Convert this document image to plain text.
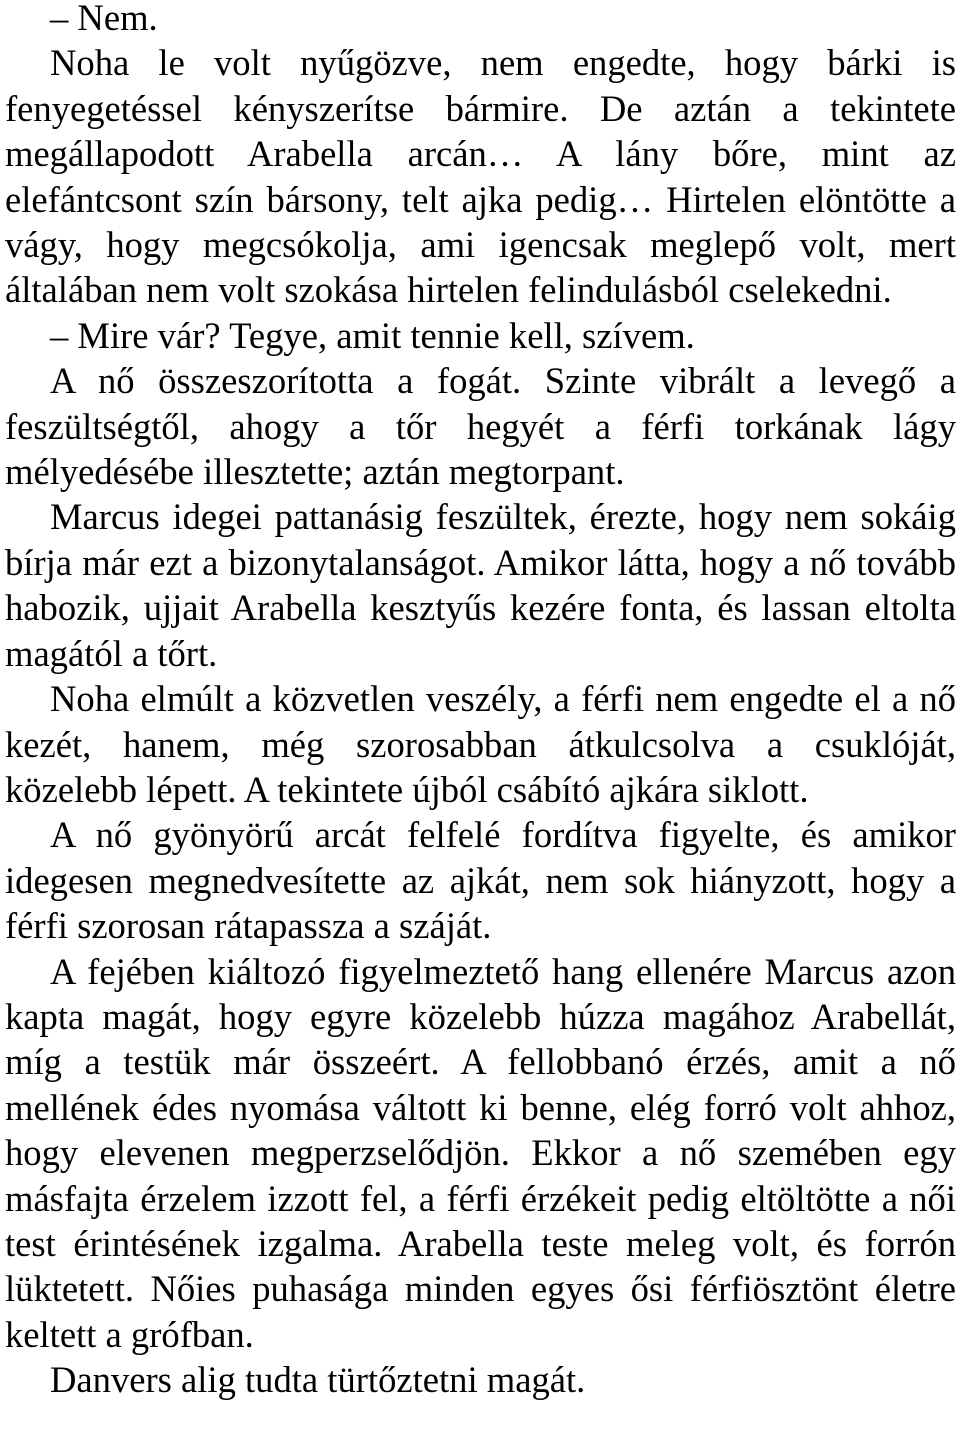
– Nem.

Noha le volt nyűgözve, nem engedte, hogy bárki is fenyegetéssel kényszerítse bármire. De aztán a tekintete megállapodott Arabella arcán… A lány bőre, mint az elefántcsont szín bársony, telt ajka pedig… Hirtelen elöntötte a vágy, hogy megcsókolja, ami igencsak meglepő volt, mert általában nem volt szokása hirtelen felindulásból cselekedni.

– Mire vár? Tegye, amit tennie kell, szívem.

A nő összeszorította a fogát. Szinte vibrált a levegő a feszültségtől, ahogy a tőr hegyét a férfi torkának lágy mélyedésébe illesztette; aztán megtorpant.

Marcus idegei pattanásig feszültek, érezte, hogy nem sokáig bírja már ezt a bizonytalanságot. Amikor látta, hogy a nő tovább habozik, ujjait Arabella kesztyűs kezére fonta, és lassan eltolta magától a tőrt.

Noha elmúlt a közvetlen veszély, a férfi nem engedte el a nő kezét, hanem, még szorosabban átkulcsolva a csuklóját, közelebb lépett. A tekintete újból csábító ajkára siklott.

A nő gyönyörű arcát felfelé fordítva figyelte, és amikor idegesen megnedvesítette az ajkát, nem sok hiányzott, hogy a férfi szorosan rátapassza a száját.

A fejében kiáltozó figyelmeztető hang ellenére Marcus azon kapta magát, hogy egyre közelebb húzza magához Arabellát, míg a testük már összeért. A fellobbanó érzés, amit a nő mellének édes nyomása váltott ki benne, elég forró volt ahhoz, hogy elevenen megperzselődjön. Ekkor a nő szemében egy másfajta érzelem izzott fel, a férfi érzékeit pedig eltöltötte a női test érintésének izgalma. Arabella teste meleg volt, és forrón lüktetett. Nőies puhasága minden egyes ősi férfiösztönt életre keltett a grófban.

Danvers alig tudta türtőztetni magát.
